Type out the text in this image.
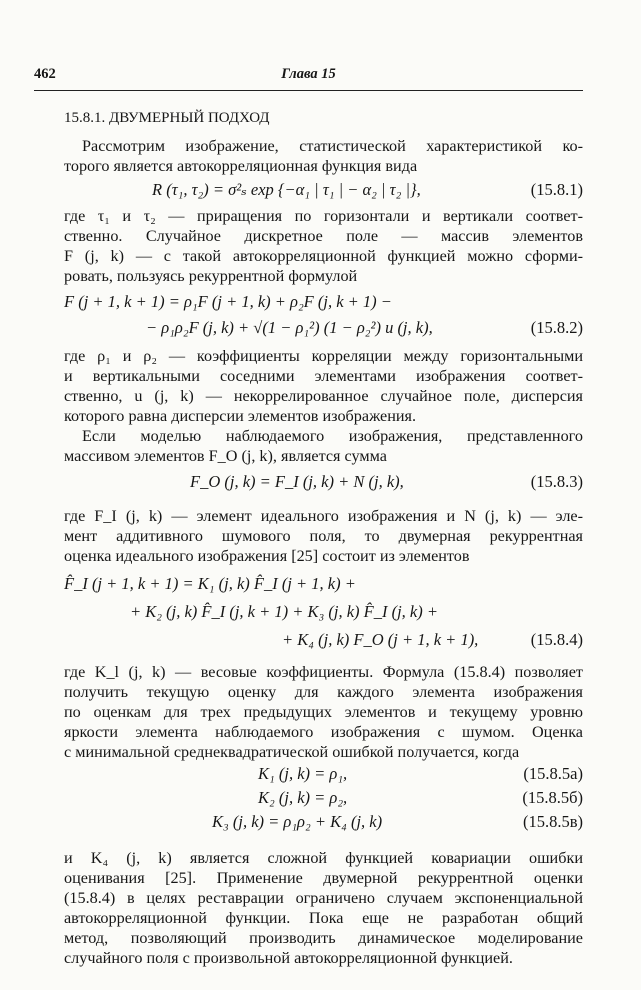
462	Глава 15
15.8.1. ДВУМЕРНЫЙ ПОДХОД
Рассмотрим изображение, статистической характеристикой ко-
торого является автокорреляционная функция вида
R (τ₁, τ₂) = σ²ₛ exp {−α₁ | τ₁ | − α₂ | τ₂ |},	(15.8.1)
где τ₁ и τ₂ — приращения по горизонтали и вертикали соответ-
ственно. Случайное дискретное поле — массив элементов
F (j, k) — с такой автокорреляционной функцией можно сформи-
ровать, пользуясь рекуррентной формулой
F (j + 1, k + 1) = ρ₁F (j + 1, k) + ρ₂F (j, k + 1) −
− ρ₁ρ₂F (j, k) + √(1 − ρ₁²) (1 − ρ₂²) u (j, k),	(15.8.2)
где ρ₁ и ρ₂ — коэффициенты корреляции между горизонтальными
и вертикальными соседними элементами изображения соответ-
ственно, u (j, k) — некоррелированное случайное поле, дисперсия
которого равна дисперсии элементов изображения.
Если моделью наблюдаемого изображения, представленного
массивом элементов F_O (j, k), является сумма
F_O (j, k) = F_I (j, k) + N (j, k),	(15.8.3)
где F_I (j, k) — элемент идеального изображения и N (j, k) — эле-
мент аддитивного шумового поля, то двумерная рекуррентная
оценка идеального изображения [25] состоит из элементов
F̂_I (j + 1, k + 1) = K₁ (j, k) F̂_I (j + 1, k) +
+ K₂ (j, k) F̂_I (j, k + 1) + K₃ (j, k) F̂_I (j, k) +
+ K₄ (j, k) F_O (j + 1, k + 1),	(15.8.4)
где K_l (j, k) — весовые коэффициенты. Формула (15.8.4) позволяет
получить текущую оценку для каждого элемента изображения
по оценкам для трех предыдущих элементов и текущему уровню
яркости элемента наблюдаемого изображения с шумом. Оценка
с минимальной среднеквадратической ошибкой получается, когда
K₁ (j, k) = ρ₁,	(15.8.5а)
K₂ (j, k) = ρ₂,	(15.8.5б)
K₃ (j, k) = ρ₁ρ₂ + K₄ (j, k)	(15.8.5в)
и K₄ (j, k) является сложной функцией ковариации ошибки
оценивания [25]. Применение двумерной рекуррентной оценки
(15.8.4) в целях реставрации ограничено случаем экспоненциальной
автокорреляционной функции. Пока еще не разработан общий
метод, позволяющий производить динамическое моделирование
случайного поля с произвольной автокорреляционной функцией.
